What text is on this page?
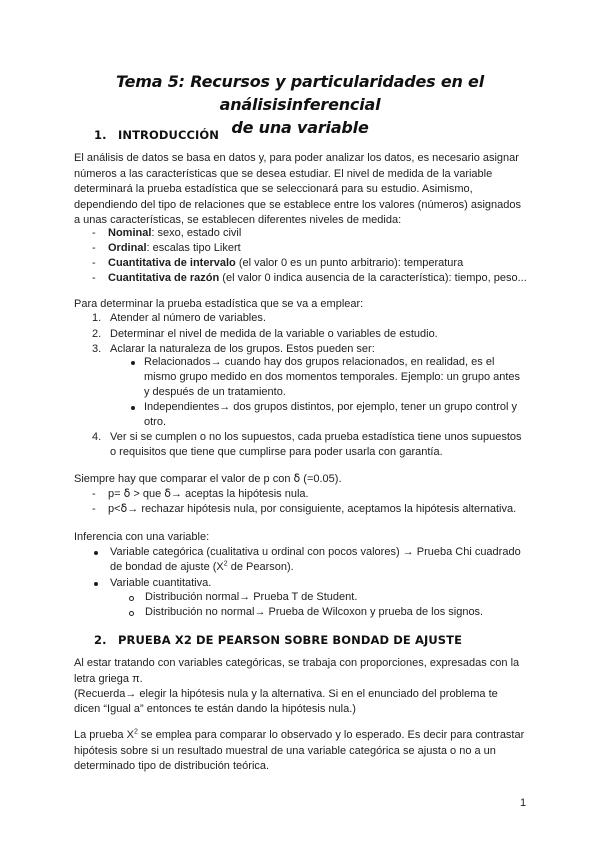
Tema 5: Recursos y particularidades en el análisisinferencial
de una variable
1. INTRODUCCIÓN
El análisis de datos se basa en datos y, para poder analizar los datos, es necesario asignar
números a las características que se desea estudiar. El nivel de medida de la variable
determinará la prueba estadística que se seleccionará para su estudio. Asimismo,
dependiendo del tipo de relaciones que se establece entre los valores (números) asignados
a unas características, se establecen diferentes niveles de medida:
- Nominal: sexo, estado civil
- Ordinal: escalas tipo Likert
- Cuantitativa de intervalo (el valor 0 es un punto arbitrario): temperatura
- Cuantitativa de razón (el valor 0 indica ausencia de la característica): tiempo, peso...
Para determinar la prueba estadística que se va a emplear:
1. Atender al número de variables.
2. Determinar el nivel de medida de la variable o variables de estudio.
3. Aclarar la naturaleza de los grupos. Estos pueden ser:
Relacionados→ cuando hay dos grupos relacionados, en realidad, es el
mismo grupo medido en dos momentos temporales. Ejemplo: un grupo antes
y después de un tratamiento.
Independientes→ dos grupos distintos, por ejemplo, tener un grupo control y
otro.
4. Ver si se cumplen o no los supuestos, cada prueba estadística tiene unos supuestos
o requisitos que tiene que cumplirse para poder usarla con garantía.
Siempre hay que comparar el valor de p con ẟ (=0.05).
- p= ẟ > que ẟ→ aceptas la hipótesis nula.
- p<ẟ→ rechazar hipótesis nula, por consiguiente, aceptamos la hipótesis alternativa.
Inferencia con una variable:
Variable categórica (cualitativa u ordinal con pocos valores) → Prueba Chi cuadrado
de bondad de ajuste ($X^2$ de Pearson).
Variable cuantitativa.
Distribución normal→ Prueba T de Student.
Distribución no normal→ Prueba de Wilcoxon y prueba de los signos.
2. PRUEBA X2 DE PEARSON SOBRE BONDAD DE AJUSTE
Al estar tratando con variables categóricas, se trabaja con proporciones, expresadas con la
letra griega π.
(Recuerda→ elegir la hipótesis nula y la alternativa. Si en el enunciado del problema te
dicen “Igual a” entonces te están dando la hipótesis nula.)
La prueba $X^2$ se emplea para comparar lo observado y lo esperado. Es decir para contrastar
hipótesis sobre si un resultado muestral de una variable categórica se ajusta o no a un
determinado tipo de distribución teórica.
1
